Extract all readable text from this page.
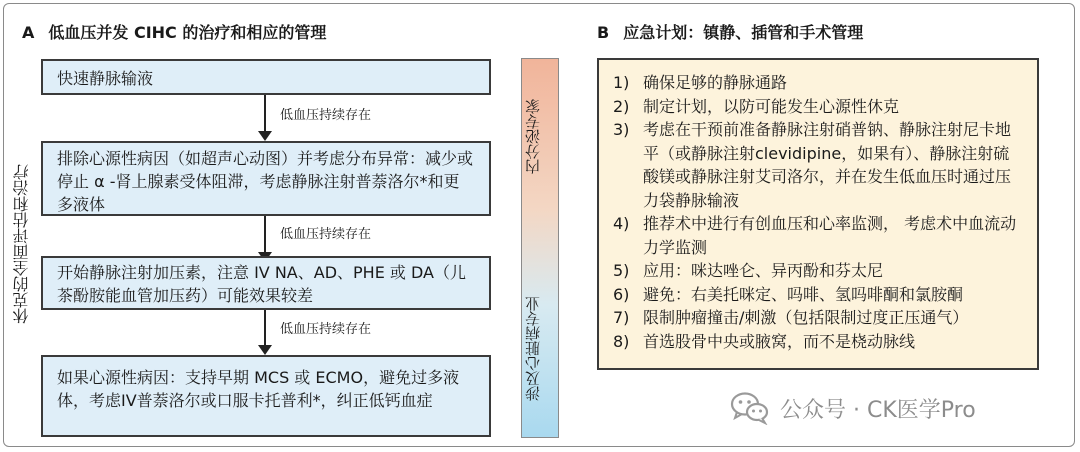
A 低血压并发 CIHC 的治疗和相应的管理
休克的全面评估和治疗
快速静脉输液
低血压持续存在
排除心源性病因（如超声心动图）并考虑分布异常：减少或停止 α -肾上腺素受体阻滞，考虑静脉注射普萘洛尔*和更多液体
低血压持续存在
开始静脉注射加压素，注意 IV NA、AD、PHE 或 DA（儿茶酚胺能血管加压药）可能效果较差
低血压持续存在
如果心源性病因：支持早期 MCS 或 ECMO，避免过多液体，考虑IV普萘洛尔或口服卡托普利*，纠正低钙血症
内分泌专家
涉及心脏病专业
B 应急计划：镇静、插管和手术管理
1) 确保足够的静脉通路
2) 制定计划，以防可能发生心源性休克
3) 考虑在干预前准备静脉注射硝普钠、静脉注射尼卡地平（或静脉注射clevidipine，如果有）、静脉注射硫酸镁或静脉注射艾司洛尔，并在发生低血压时通过压力袋静脉输液
4) 推荐术中进行有创血压和心率监测， 考虑术中血流动力学监测
5) 应用：咪达唑仑、异丙酚和芬太尼
6) 避免：右美托咪定、吗啡、氢吗啡酮和氯胺酮
7) 限制肿瘤撞击/刺激（包括限制过度正压通气）
8) 首选股骨中央或腋窝，而不是桡动脉线
公众号 · CK医学Pro
